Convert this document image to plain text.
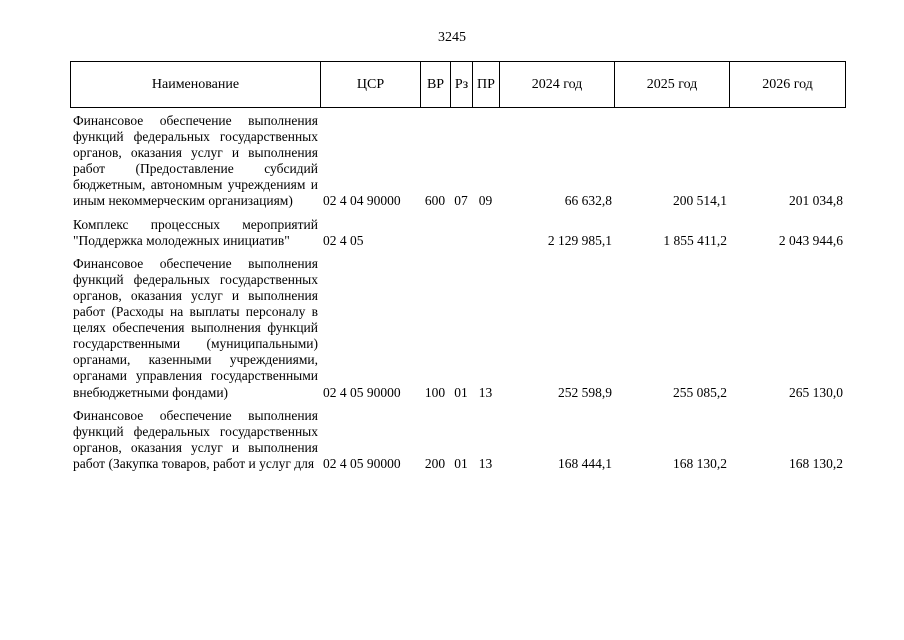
3245
Наименование	ЦСР	ВР	Рз	ПР	2024 год	2025 год	2026 год
Финансовое обеспечение выполнения функций федеральных государственных органов, оказания услуг и выполнения работ (Предоставление субсидий бюджетным, автономным учреждениям и иным некоммерческим организациям)	02 4 04 90000	600	07	09	66 632,8	200 514,1	201 034,8

Комплекс процессных мероприятий "Поддержка молодежных инициатив"	02 4 05				2 129 985,1	1 855 411,2	2 043 944,6

Финансовое обеспечение выполнения функций федеральных государственных органов, оказания услуг и выполнения работ (Расходы на выплаты персоналу в целях обеспечения выполнения функций государственными (муниципальными) органами, казенными учреждениями, органами управления государственными внебюджетными фондами)	02 4 05 90000	100	01	13	252 598,9	255 085,2	265 130,0

Финансовое обеспечение выполнения функций федеральных государственных органов, оказания услуг и выполнения работ (Закупка товаров, работ и услуг для	02 4 05 90000	200	01	13	168 444,1	168 130,2	168 130,2
